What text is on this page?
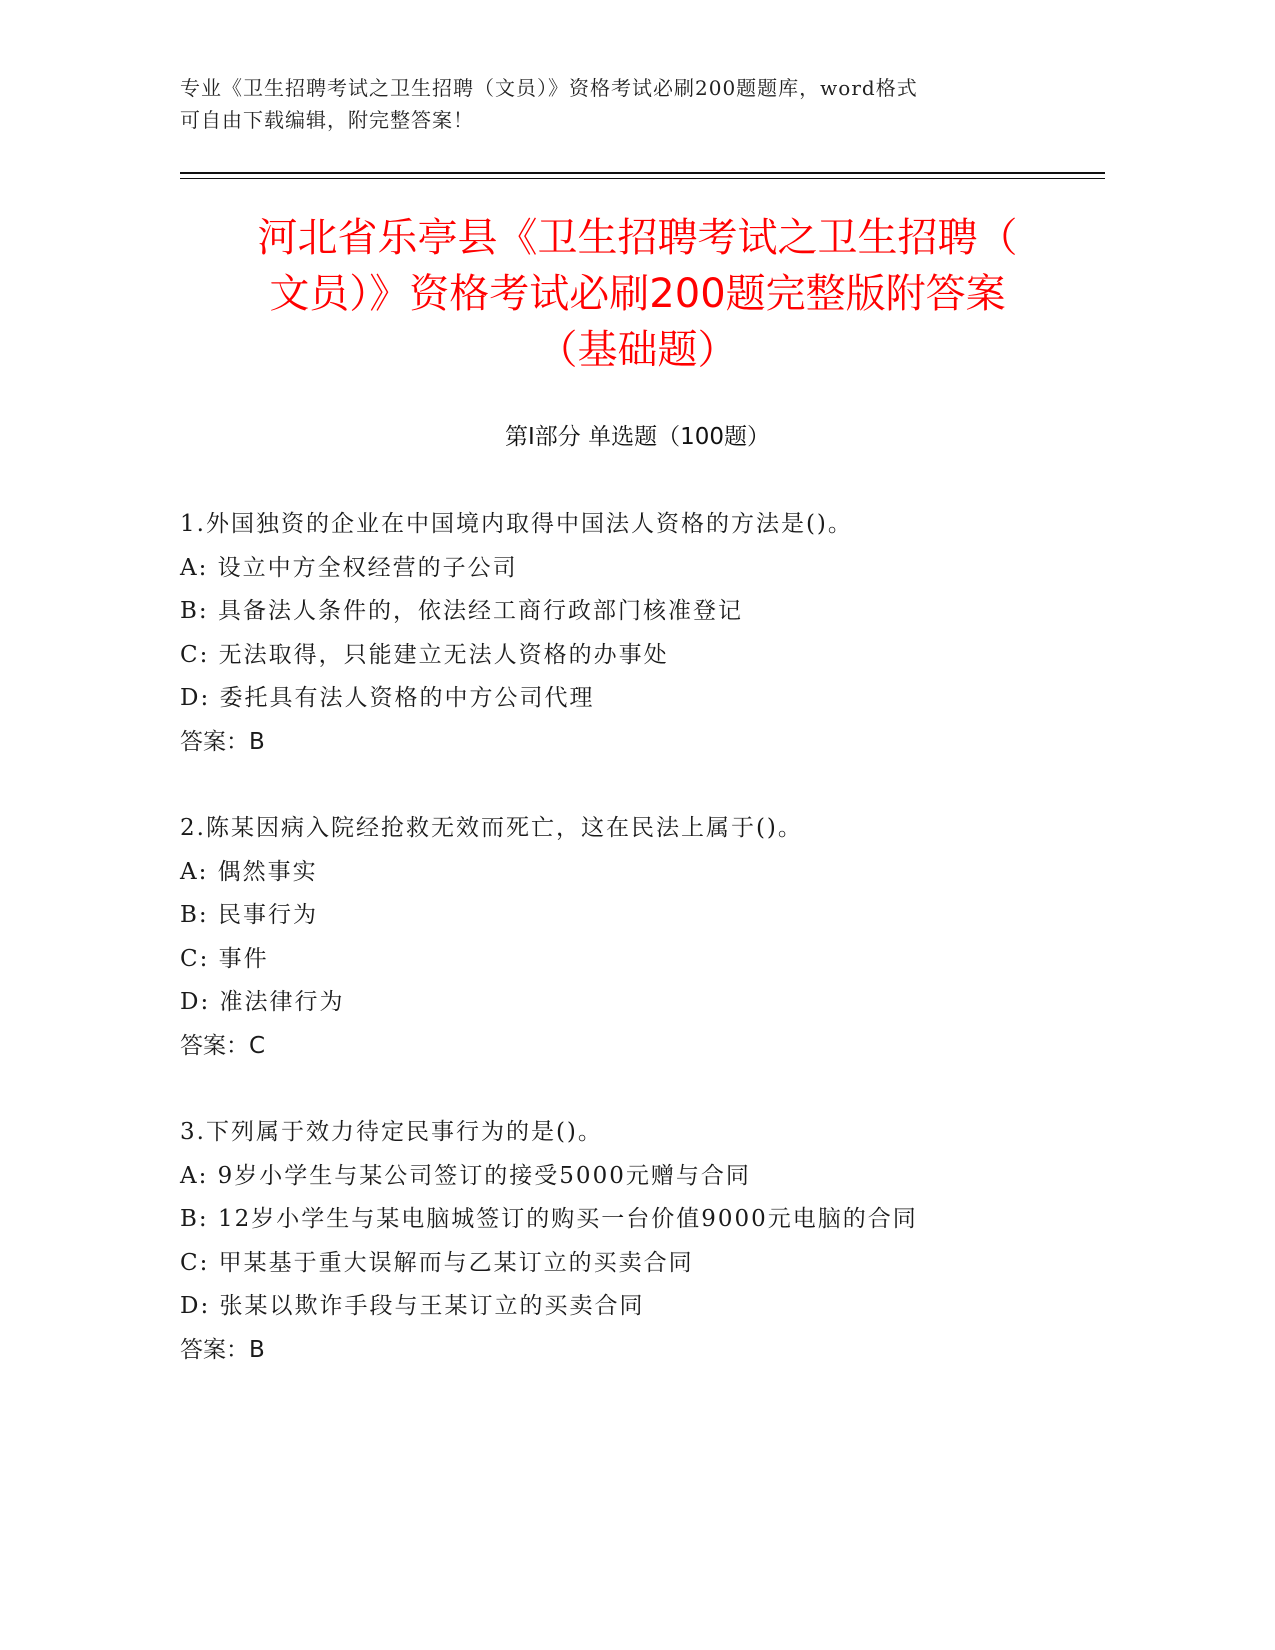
专业《卫生招聘考试之卫生招聘（文员）》资格考试必刷200题题库，word格式
可自由下载编辑，附完整答案！
河北省乐亭县《卫生招聘考试之卫生招聘（
文员）》资格考试必刷200题完整版附答案
（基础题）
第Ⅰ部分 单选题（100题）
1.外国独资的企业在中国境内取得中国法人资格的方法是()。
A: 设立中方全权经营的子公司
B: 具备法人条件的，依法经工商行政部门核准登记
C: 无法取得，只能建立无法人资格的办事处
D: 委托具有法人资格的中方公司代理
答案：B
2.陈某因病入院经抢救无效而死亡，这在民法上属于()。
A: 偶然事实
B: 民事行为
C: 事件
D: 准法律行为
答案：C
3.下列属于效力待定民事行为的是()。
A: 9岁小学生与某公司签订的接受5000元赠与合同
B: 12岁小学生与某电脑城签订的购买一台价值9000元电脑的合同
C: 甲某基于重大误解而与乙某订立的买卖合同
D: 张某以欺诈手段与王某订立的买卖合同
答案：B
